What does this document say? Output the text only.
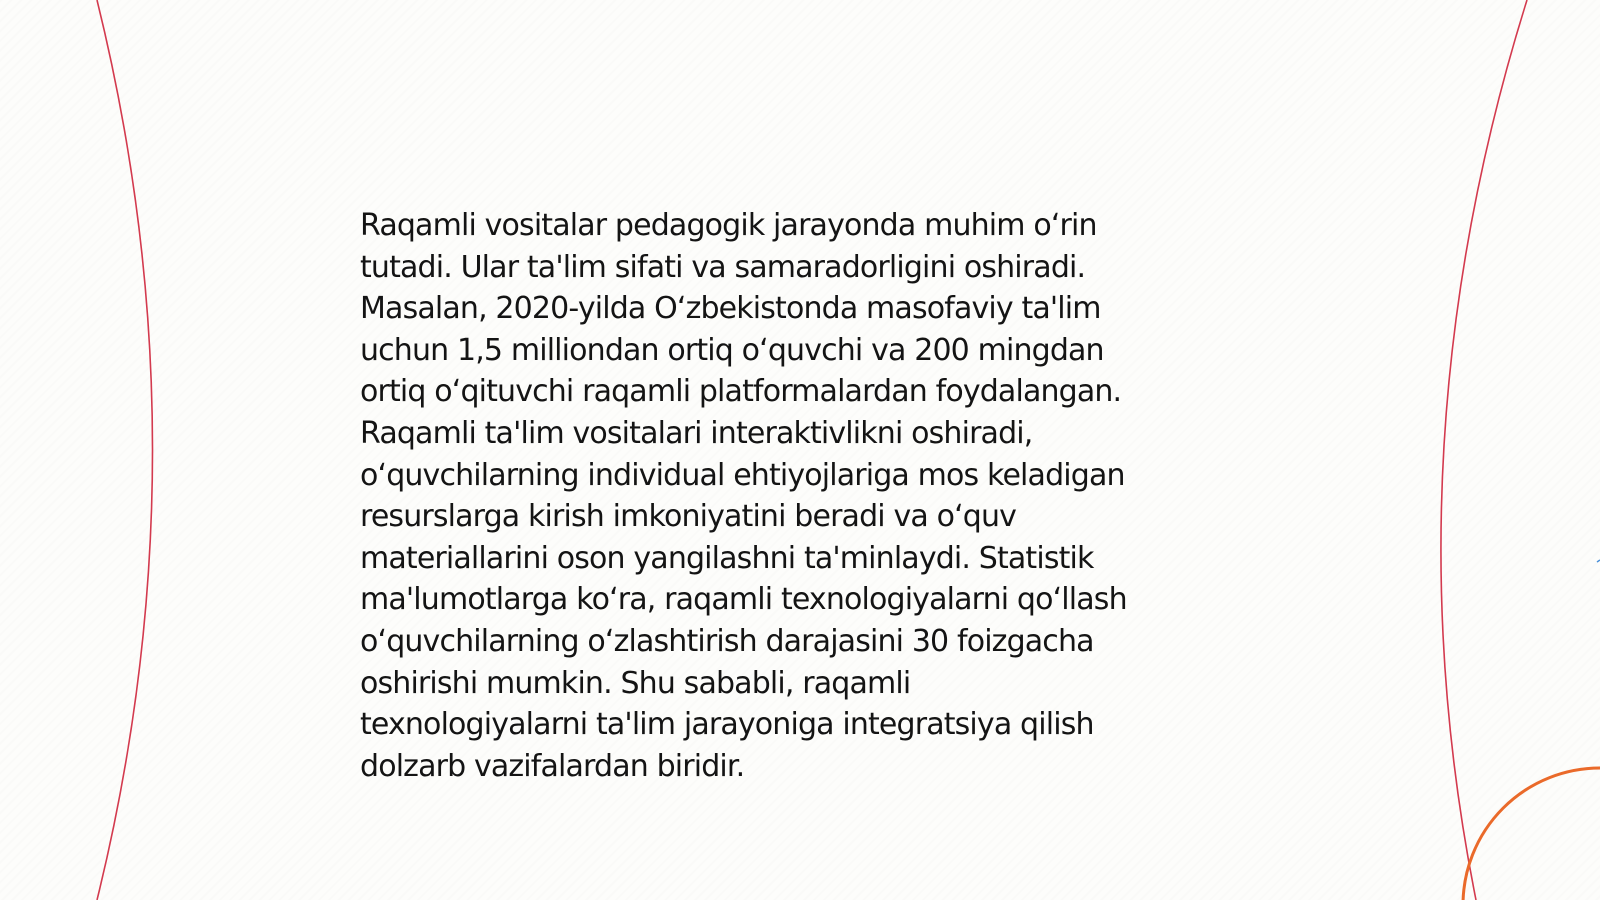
Raqamli vositalar pedagogik jarayonda muhim oʻrin
tutadi. Ular ta'lim sifati va samaradorligini oshiradi.
Masalan, 2020-yilda Oʻzbekistonda masofaviy ta'lim
uchun 1,5 milliondan ortiq oʻquvchi va 200 mingdan
ortiq oʻqituvchi raqamli platformalardan foydalangan.
Raqamli ta'lim vositalari interaktivlikni oshiradi,
oʻquvchilarning individual ehtiyojlariga mos keladigan
resurslarga kirish imkoniyatini beradi va oʻquv
materiallarini oson yangilashni ta'minlaydi. Statistik
ma'lumotlarga koʻra, raqamli texnologiyalarni qoʻllash
oʻquvchilarning oʻzlashtirish darajasini 30 foizgacha
oshirishi mumkin. Shu sababli, raqamli
texnologiyalarni ta'lim jarayoniga integratsiya qilish
dolzarb vazifalardan biridir.
